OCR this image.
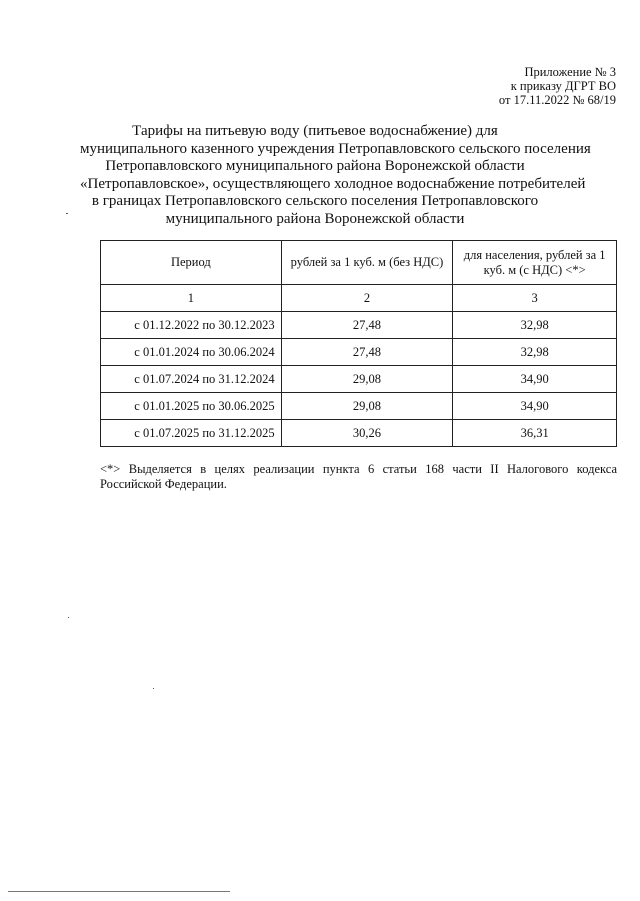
Приложение № 3
к приказу ДГРТ ВО
от 17.11.2022 № 68/19
Тарифы на питьевую воду (питьевое водоснабжение) для
муниципального казенного учреждения Петропавловского сельского поселения
Петропавловского муниципального района Воронежской области
«Петропавловское», осуществляющего холодное водоснабжение потребителей
в границах Петропавловского сельского поселения Петропавловского
муниципального района Воронежской области
Период	рублей за 1 куб. м (без НДС)	для населения, рублей за 1 куб. м (с НДС) <*>
1	2	3
с 01.12.2022 по 30.12.2023	27,48	32,98
с 01.01.2024 по 30.06.2024	27,48	32,98
с 01.07.2024 по 31.12.2024	29,08	34,90
с 01.01.2025 по 30.06.2025	29,08	34,90
с 01.07.2025 по 31.12.2025	30,26	36,31
<*> Выделяется в целях реализации пункта 6 статьи 168 части II Налогового кодекса Российской Федерации.
